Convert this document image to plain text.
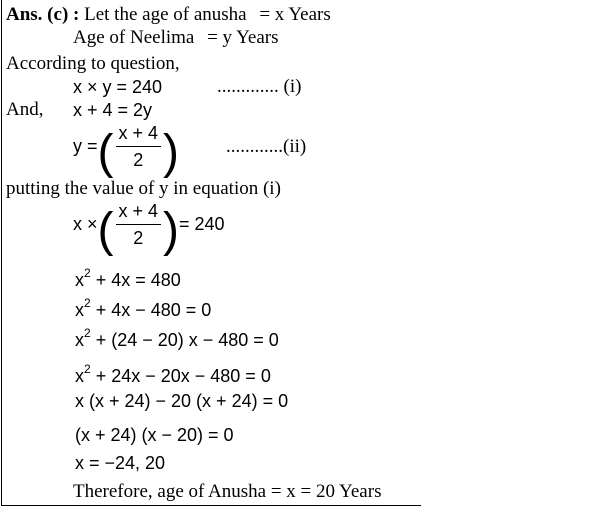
Ans. (c) : Let the age of anusha = x Years
Age of Neelima = y Years
According to question,
x × y = 240	............. (i)
And, x + 4 = 2y
y = ( $\frac{x + 4}{2}$ ) ............(ii)
putting the value of y in equation (i)
x × ( $\frac{x + 4}{2}$ ) = 240
$x^2 + 4x = 480$
$x^2 + 4x - 480 = 0$
$x^2 + (24 - 20) x - 480 = 0$
$x^2 + 24x - 20x - 480 = 0$
x (x + 24) − 20 (x + 24) = 0
(x + 24) (x − 20) = 0
x = −24, 20
Therefore, age of Anusha = x = 20 Years
